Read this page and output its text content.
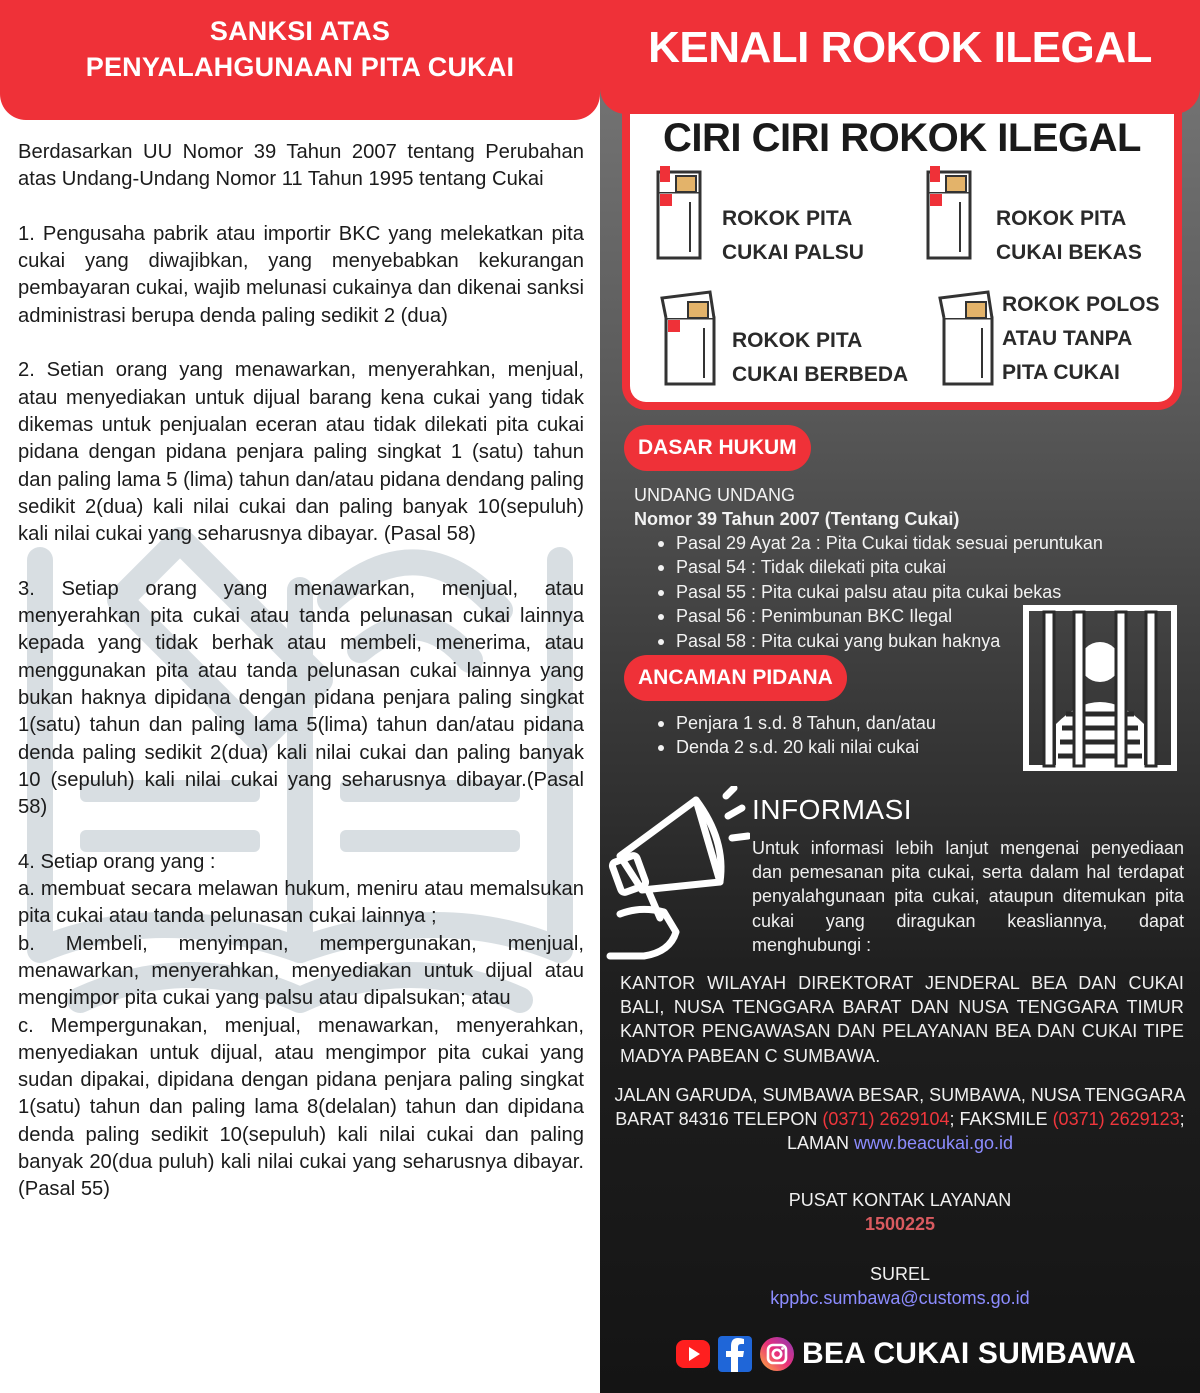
SANKSI ATAS
PENYALAHGUNAAN PITA CUKAI

Berdasarkan UU Nomor 39 Tahun 2007 tentang Perubahan atas Undang-Undang Nomor 11 Tahun 1995 tentang Cukai

1. Pengusaha pabrik atau importir BKC yang melekatkan pita cukai yang diwajibkan, yang menyebabkan kekurangan pembayaran cukai, wajib melunasi cukainya dan dikenai sanksi administrasi berupa denda paling sedikit 2 (dua)

2. Setian orang yang menawarkan, menyerahkan, menjual, atau menyediakan untuk dijual barang kena cukai yang tidak dikemas untuk penjualan eceran atau tidak dilekati pita cukai pidana dengan pidana penjara paling singkat 1 (satu) tahun dan paling lama 5 (lima) tahun dan/atau pidana dendang paling sedikit 2(dua) kali nilai cukai dan paling banyak 10(sepuluh) kali nilai cukai yang seharusnya dibayar. (Pasal 58)

3. Setiap orang yang menawarkan, menjual, atau menyerahkan pita cukai atau tanda pelunasan cukai lainnya kepada yang tidak berhak atau membeli, menerima, atau menggunakan pita atau tanda pelunasan cukai lainnya yang bukan haknya dipidana dengan pidana penjara paling singkat 1(satu) tahun dan paling lama 5(lima) tahun dan/atau pidana denda paling sedikit 2(dua) kali nilai cukai dan paling banyak 10 (sepuluh) kali nilai cukai yang seharusnya dibayar.(Pasal 58)

4. Setiap orang yang :

a. membuat secara melawan hukum, meniru atau memalsukan pita cukai atau tanda pelunasan cukai lainnya ;

b. Membeli, menyimpan, mempergunakan, menjual, menawarkan, menyerahkan, menyediakan untuk dijual atau mengimpor pita cukai yang palsu atau dipalsukan; atau

c. Mempergunakan, menjual, menawarkan, menyerahkan, menyediakan untuk dijual, atau mengimpor pita cukai yang sudan dipakai, dipidana dengan pidana penjara paling singkat 1(satu) tahun dan paling lama 8(delalan) tahun dan dipidana denda paling sedikit 10(sepuluh) kali nilai cukai dan paling banyak 20(dua puluh) kali nilai cukai yang seharusnya dibayar. (Pasal 55)

CIRI CIRI ROKOK ILEGAL
ROKOK PITA
CUKAI PALSU
ROKOK PITA
CUKAI BEKAS
ROKOK PITA
CUKAI BERBEDA
ROKOK POLOS
ATAU TANPA
PITA CUKAI
KENALI ROKOK ILEGAL
DASAR HUKUM
UNDANG UNDANG
Nomor 39 Tahun 2007 (Tentang Cukai)
Pasal 29 Ayat 2a : Pita Cukai tidak sesuai peruntukan
Pasal 54 : Tidak dilekati pita cukai
Pasal 55 : Pita cukai palsu atau pita cukai bekas
Pasal 56 : Penimbunan BKC Ilegal
Pasal 58 : Pita cukai yang bukan haknya
ANCAMAN PIDANA
Penjara 1 s.d. 8 Tahun, dan/atau
Denda 2 s.d. 20 kali nilai cukai
INFORMASI
Untuk informasi lebih lanjut mengenai penyediaan dan pemesanan pita cukai, serta dalam hal terdapat penyalahgunaan pita cukai, ataupun ditemukan pita cukai yang diragukan keasliannya, dapat menghubungi :
KANTOR WILAYAH DIREKTORAT JENDERAL BEA DAN CUKAI BALI, NUSA TENGGARA BARAT DAN NUSA TENGGARA TIMUR KANTOR PENGAWASAN DAN PELAYANAN BEA DAN CUKAI TIPE MADYA PABEAN C SUMBAWA.
JALAN GARUDA, SUMBAWA BESAR, SUMBAWA, NUSA TENGGARA BARAT 84316 TELEPON (0371) 2629104; FAKSMILE (0371) 2629123; LAMAN www.beacukai.go.id
PUSAT KONTAK LAYANAN
1500225
SUREL
kppbc.sumbawa@customs.go.id
BEA CUKAI SUMBAWA
